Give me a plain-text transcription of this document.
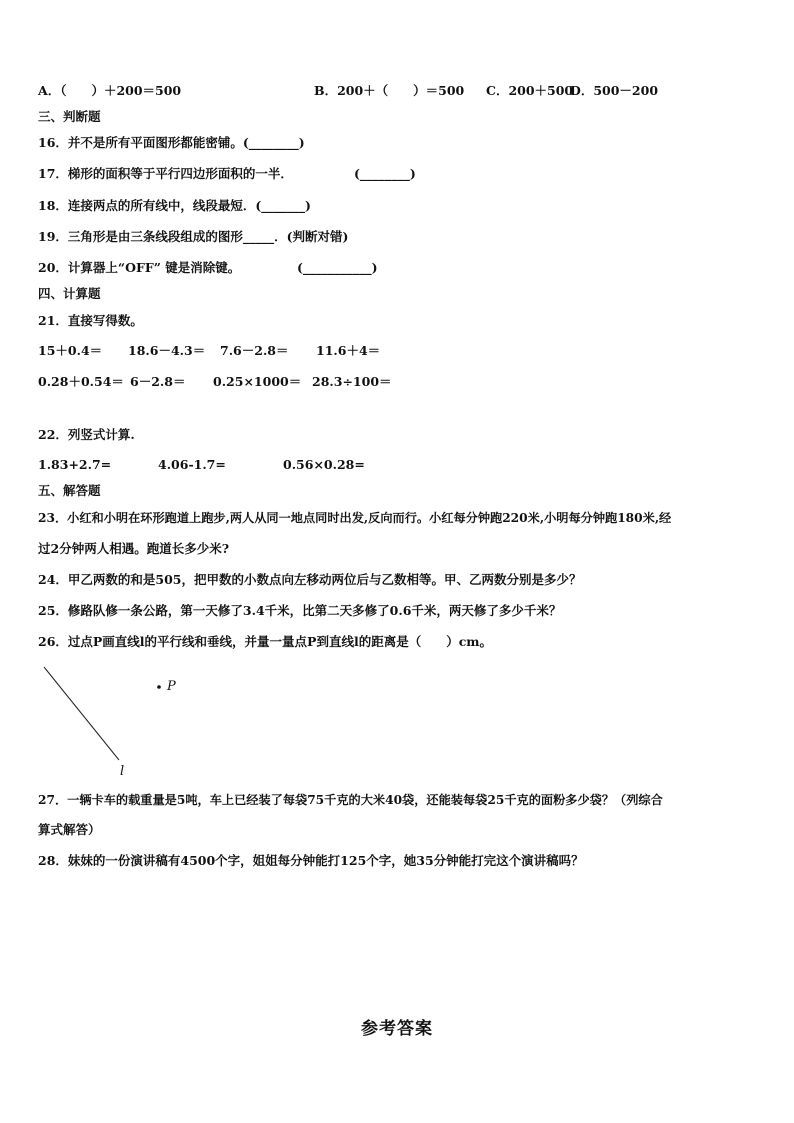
A．（　　）＋200＝500	B．200＋（　　）＝500 C．200＋500
D．500－200
三、判断题
16．并不是所有平面图形都能密铺。(________)
17．梯形的面积等于平行四边形面积的一半．	(________)
18．连接两点的所有线中，线段最短．(_______)
19．三角形是由三条线段组成的图形_____．(判断对错)
20．计算器上“OFF” 键是消除键。	(___________)
四、计算题
21．直接写得数。
15＋0.4＝ 18.6－4.3＝ 7.6－2.8＝ 11.6＋4＝
0.28＋0.54＝ 6－2.8＝ 0.25×1000＝ 28.3÷100＝
22．列竖式计算.
1.83+2.7=	4.06-1.7=	0.56×0.28=
五、解答题
23．小红和小明在环形跑道上跑步,两人从同一地点同时出发,反向而行。小红每分钟跑220米,小明每分钟跑180米,经
过2分钟两人相遇。跑道长多少米?
24．甲乙两数的和是505，把甲数的小数点向左移动两位后与乙数相等。甲、乙两数分别是多少？
25．修路队修一条公路，第一天修了3.4千米，比第二天多修了0.6千米，两天修了多少千米？
26．过点P画直线l的平行线和垂线，并量一量点P到直线l的距离是（　　）cm。
P
l
27．一辆卡车的载重量是5吨，车上已经装了每袋75千克的大米40袋，还能装每袋25千克的面粉多少袋？（列综合
算式解答）
28．妹妹的一份演讲稿有4500个字，姐姐每分钟能打125个字，她35分钟能打完这个演讲稿吗？
参考答案
